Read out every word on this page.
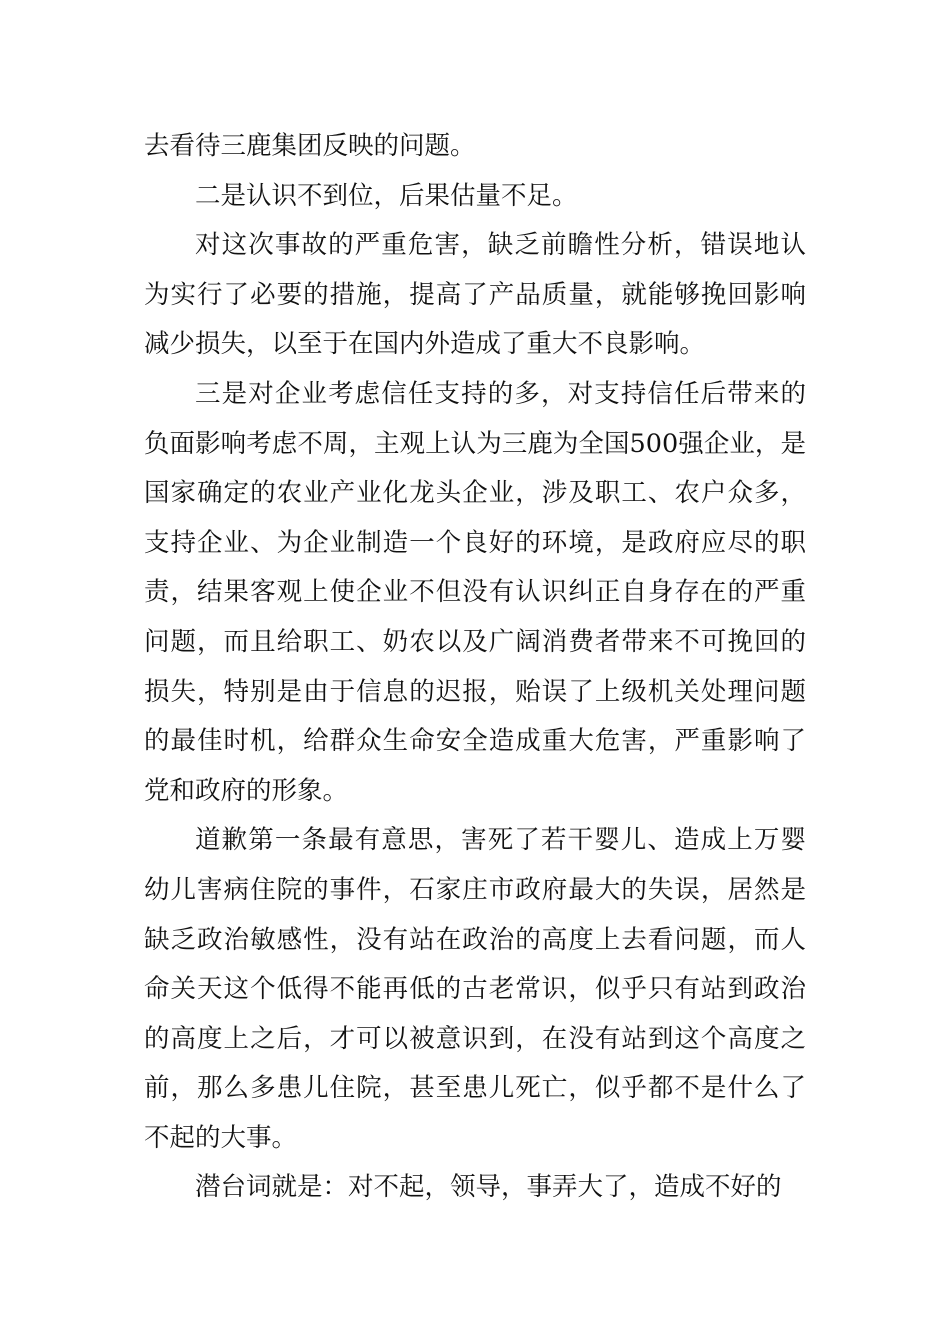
去看待三鹿集团反映的问题。

二是认识不到位，后果估量不足。

对这次事故的严重危害，缺乏前瞻性分析，错误地认为实行了必要的措施，提高了产品质量，就能够挽回影响减少损失，以至于在国内外造成了重大不良影响。

三是对企业考虑信任支持的多，对支持信任后带来的负面影响考虑不周，主观上认为三鹿为全国500强企业，是国家确定的农业产业化龙头企业，涉及职工、农户众多，支持企业、为企业制造一个良好的环境，是政府应尽的职责，结果客观上使企业不但没有认识纠正自身存在的严重问题，而且给职工、奶农以及广阔消费者带来不可挽回的损失，特别是由于信息的迟报，贻误了上级机关处理问题的最佳时机，给群众生命安全造成重大危害，严重影响了党和政府的形象。

道歉第一条最有意思，害死了若干婴儿、造成上万婴幼儿害病住院的事件，石家庄市政府最大的失误，居然是缺乏政治敏感性，没有站在政治的高度上去看问题，而人命关天这个低得不能再低的古老常识，似乎只有站到政治的高度上之后，才可以被意识到，在没有站到这个高度之前，那么多患儿住院，甚至患儿死亡，似乎都不是什么了不起的大事。

潜台词就是：对不起，领导，事弄大了，造成不好的
